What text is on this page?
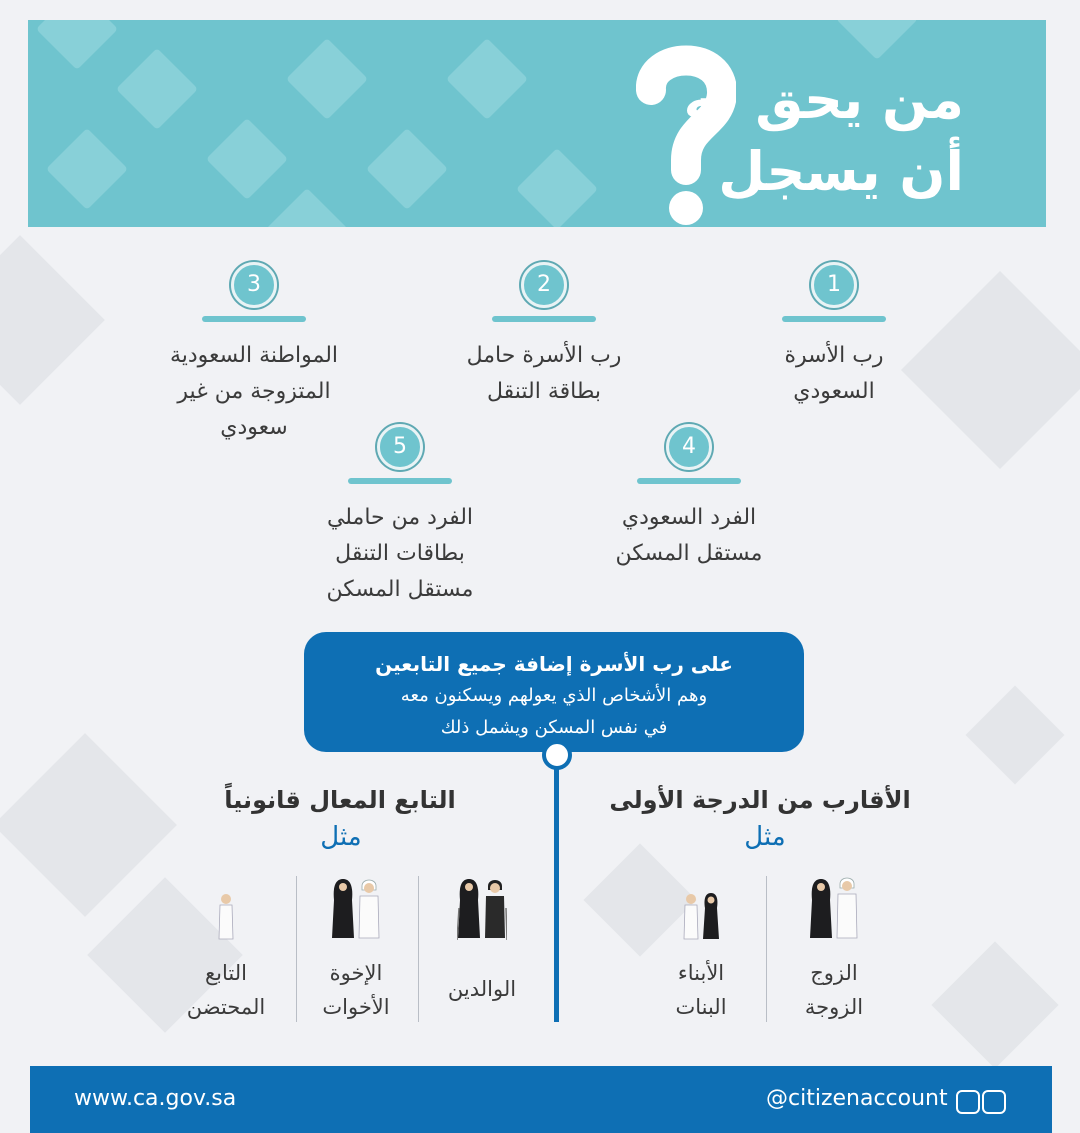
من يحق له
أن يسجل
1
رب الأسرة
السعودي
2
رب الأسرة حامل
بطاقة التنقل
3
المواطنة السعودية
المتزوجة من غير
سعودي
4
الفرد السعودي
مستقل المسكن
5
الفرد من حاملي
بطاقات التنقل
مستقل المسكن
على رب الأسرة إضافة جميع التابعين
وهم الأشخاص الذي يعولهم ويسكنون معه
في نفس المسكن ويشمل ذلك
الأقارب من الدرجة الأولى
مثل
التابع المعال قانونياً
مثل
الزوج
الزوجة
الأبناء
البنات
الوالدين
الإخوة
الأخوات
التابع
المحتضن
www.ca.gov.sa	@citizenaccount
